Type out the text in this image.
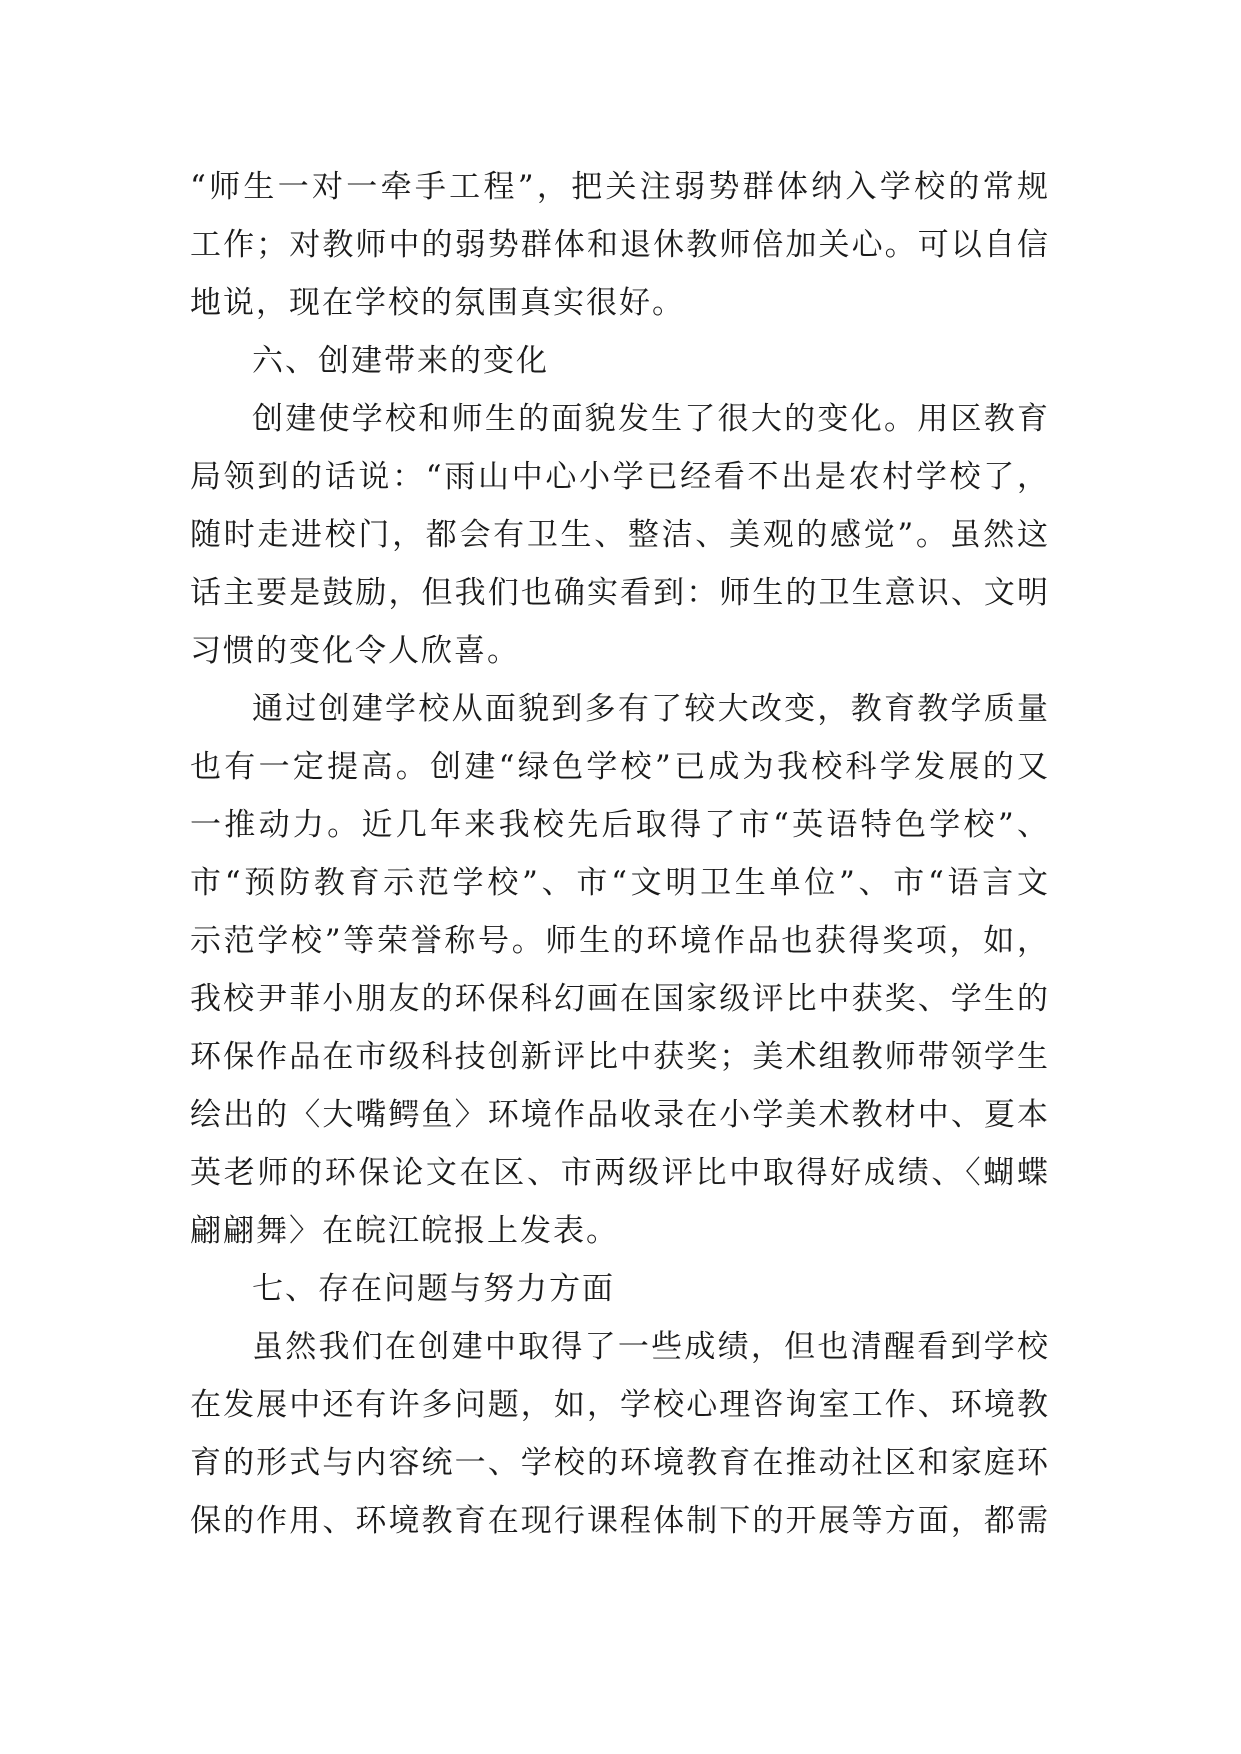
“师生一对一牵手工程”，把关注弱势群体纳入学校的常规
工作；对教师中的弱势群体和退休教师倍加关心。可以自信
地说，现在学校的氛围真实很好。
六、创建带来的变化
创建使学校和师生的面貌发生了很大的变化。用区教育
局领到的话说：“雨山中心小学已经看不出是农村学校了，
随时走进校门，都会有卫生、整洁、美观的感觉”。虽然这
话主要是鼓励，但我们也确实看到：师生的卫生意识、文明
习惯的变化令人欣喜。
通过创建学校从面貌到多有了较大改变，教育教学质量
也有一定提高。创建“绿色学校”已成为我校科学发展的又
一推动力。近几年来我校先后取得了市“英语特色学校”、
市“预防教育示范学校”、市“文明卫生单位”、市“语言文
示范学校”等荣誉称号。师生的环境作品也获得奖项，如，
我校尹菲小朋友的环保科幻画在国家级评比中获奖、学生的
环保作品在市级科技创新评比中获奖；美术组教师带领学生
绘出的〈大嘴鳄鱼〉环境作品收录在小学美术教材中、夏本
英老师的环保论文在区、市两级评比中取得好成绩、〈蝴蝶
翩翩舞〉在皖江皖报上发表。
七、存在问题与努力方面
虽然我们在创建中取得了一些成绩，但也清醒看到学校
在发展中还有许多问题，如，学校心理咨询室工作、环境教
育的形式与内容统一、学校的环境教育在推动社区和家庭环
保的作用、环境教育在现行课程体制下的开展等方面，都需
